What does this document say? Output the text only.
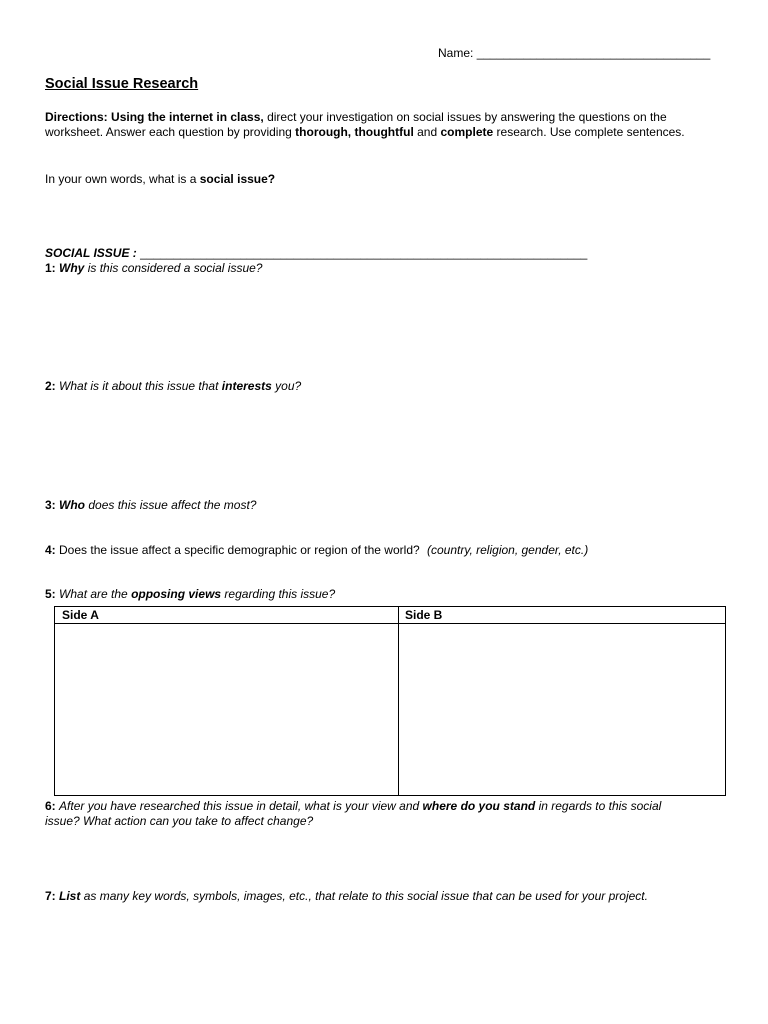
Name: ___________________________________
Social Issue Research
Directions: Using the internet in class, direct your investigation on social issues by answering the questions on the
worksheet. Answer each question by providing thorough, thoughtful and complete research. Use complete sentences.
In your own words, what is a social issue?
SOCIAL ISSUE : ___________________________________________________________________
1: Why is this considered a social issue?
2: What is it about this issue that interests you?
3: Who does this issue affect the most?
4: Does the issue affect a specific demographic or region of the world? (country, religion, gender, etc.)
5: What are the opposing views regarding this issue?
Side A	Side B
6: After you have researched this issue in detail, what is your view and where do you stand in regards to this social
issue? What action can you take to affect change?
7: List as many key words, symbols, images, etc., that relate to this social issue that can be used for your project.
